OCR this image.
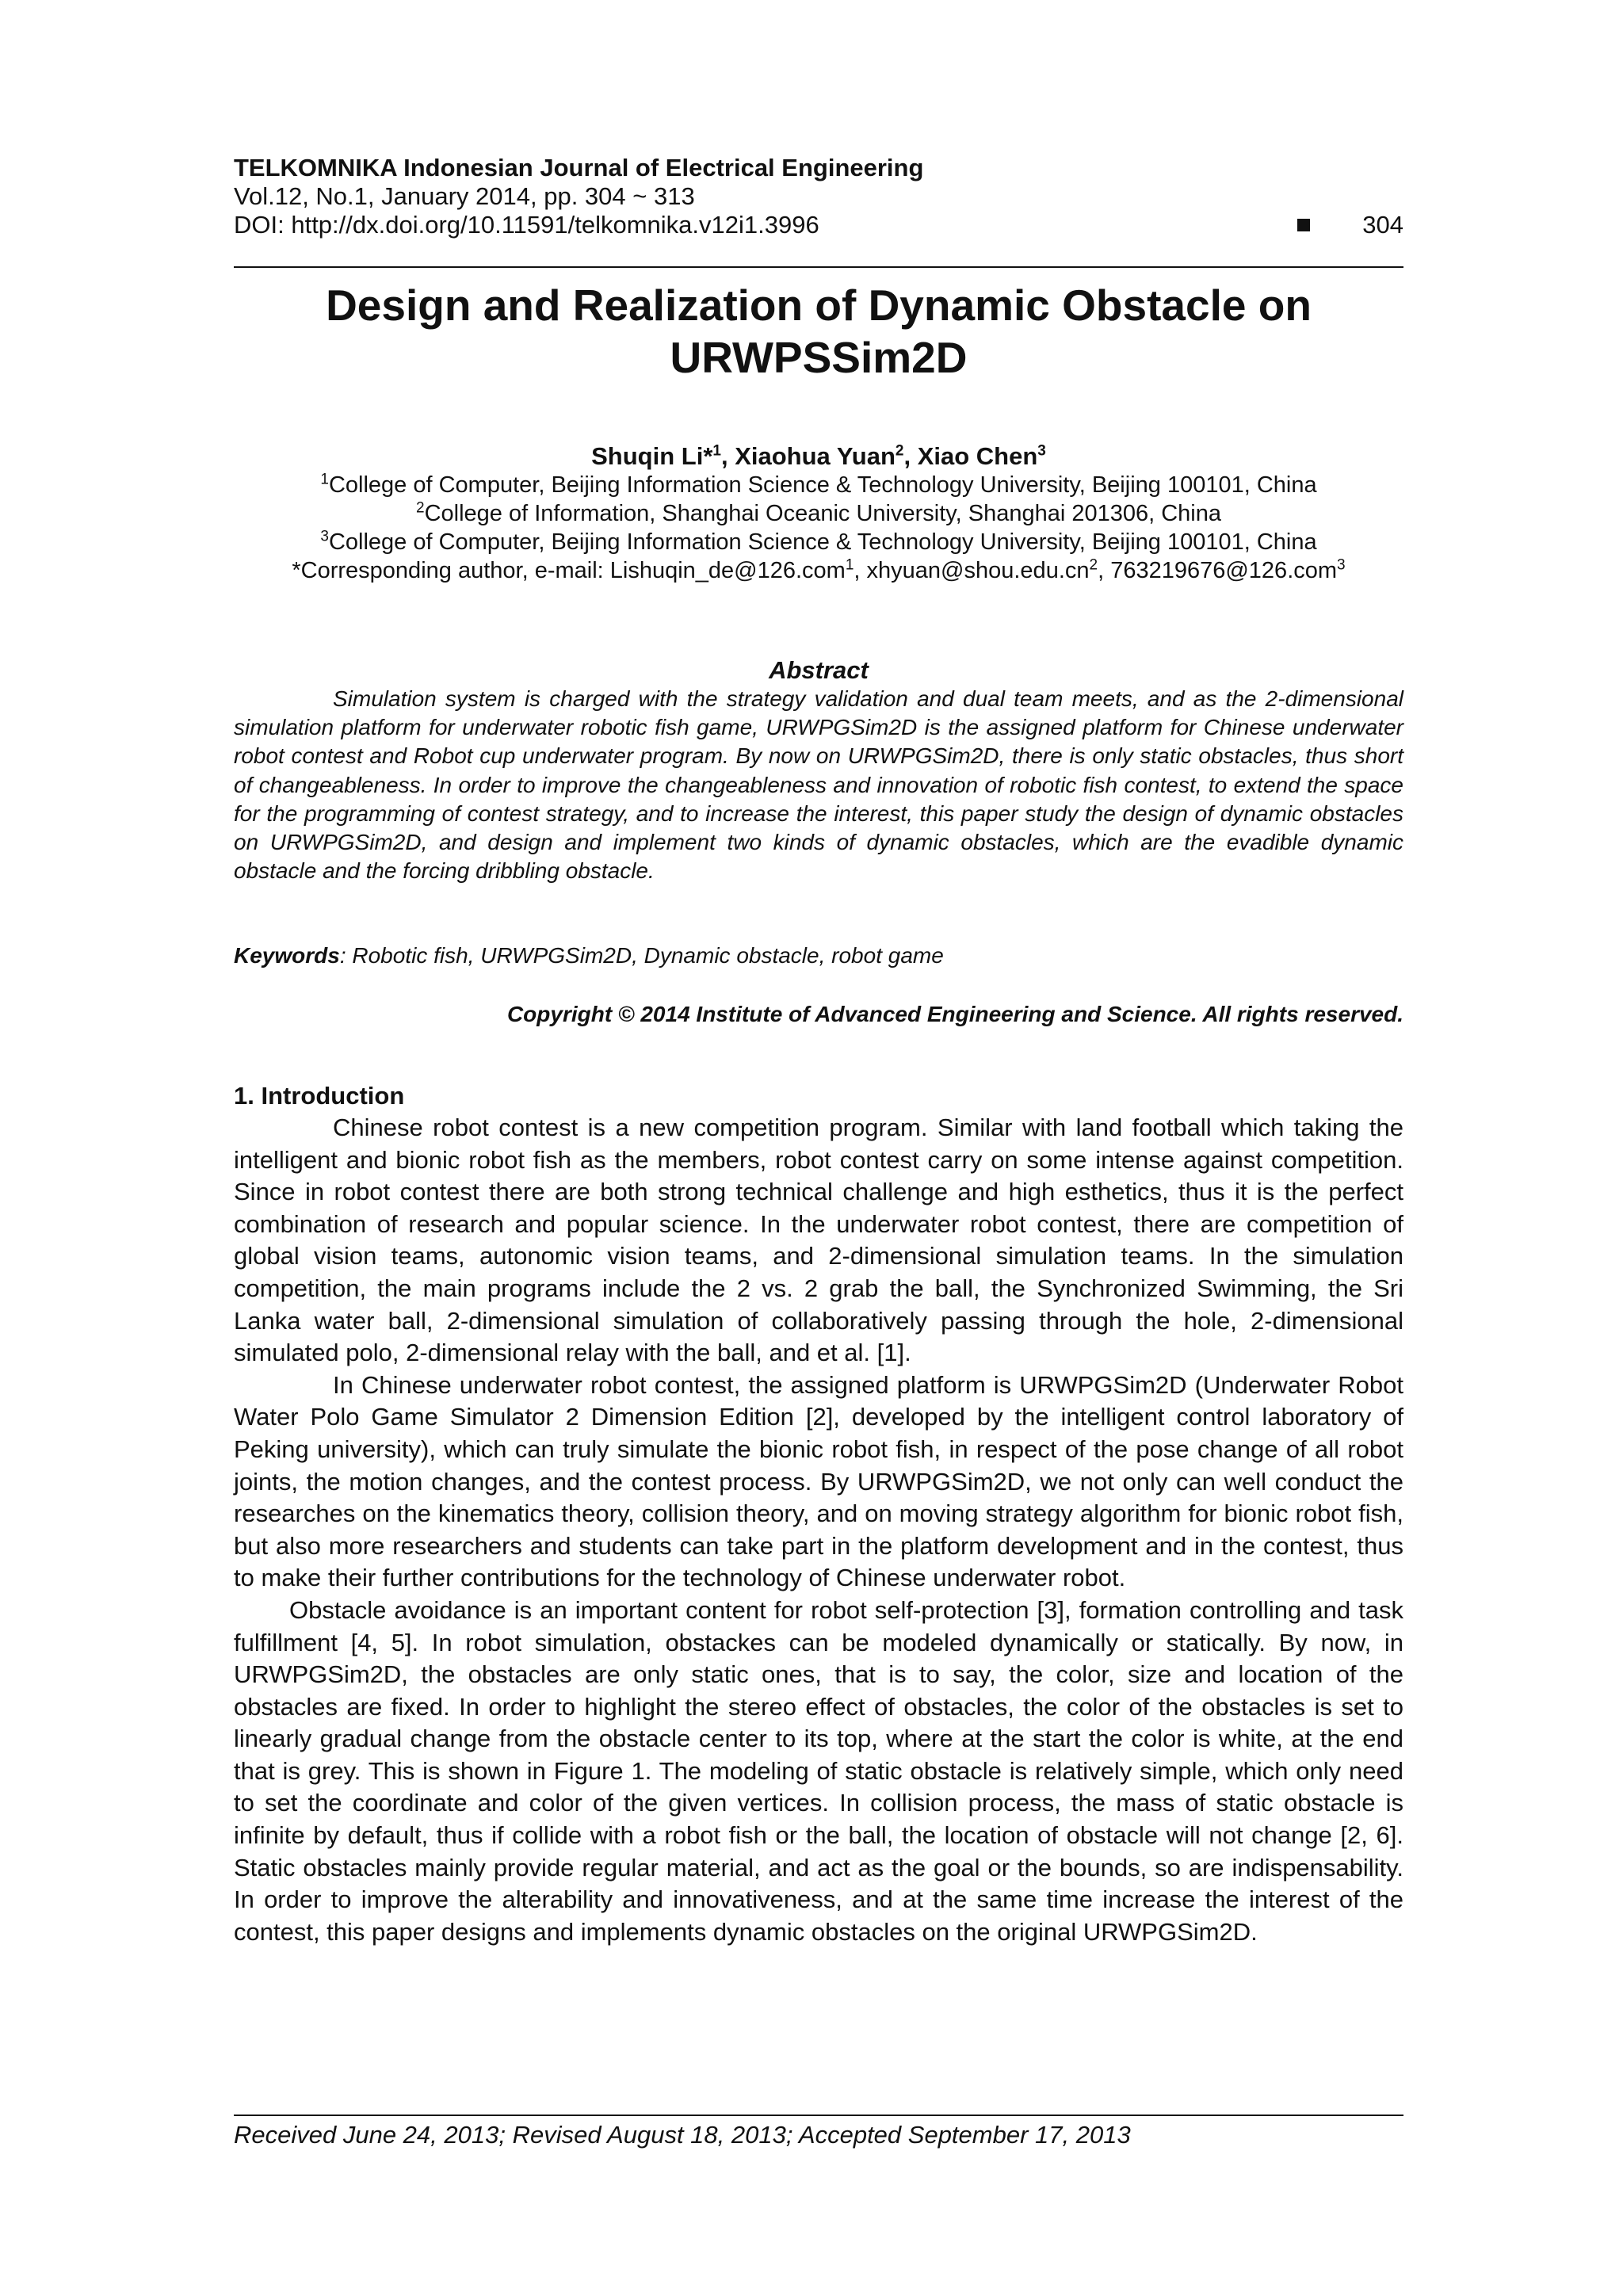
TELKOMNIKA Indonesian Journal of Electrical Engineering
Vol.12, No.1, January 2014, pp. 304 ~ 313
DOI: http://dx.doi.org/10.11591/telkomnika.v12i1.3996	304
Design and Realization of Dynamic Obstacle on
URWPSSim2D
Shuqin Li*$^1$, Xiaohua Yuan$^2$, Xiao Chen$^3$
$^1$College of Computer, Beijing Information Science & Technology University, Beijing 100101, China
$^2$College of Information, Shanghai Oceanic University, Shanghai 201306, China
$^3$College of Computer, Beijing Information Science & Technology University, Beijing 100101, China
*Corresponding author, e-mail: Lishuqin_de@126.com$^1$, $xhyuan@shou.edu.cn^2$, 763219676@126.com$^3$
Abstract

Simulation system is charged with the strategy validation and dual team meets, and as the 2-dimensional simulation platform for underwater robotic fish game, URWPGSim2D is the assigned platform for Chinese underwater robot contest and Robot cup underwater program. By now on URWPGSim2D, there is only static obstacles, thus short of changeableness. In order to improve the changeableness and innovation of robotic fish contest, to extend the space for the programming of contest strategy, and to increase the interest, this paper study the design of dynamic obstacles on URWPGSim2D, and design and implement two kinds of dynamic obstacles, which are the evadible dynamic obstacle and the forcing dribbling obstacle.

Keywords: Robotic fish, URWPGSim2D, Dynamic obstacle, robot game
Copyright © 2014 Institute of Advanced Engineering and Science. All rights reserved.
1. Introduction

Chinese robot contest is a new competition program. Similar with land football which taking the intelligent and bionic robot fish as the members, robot contest carry on some intense against competition. Since in robot contest there are both strong technical challenge and high esthetics, thus it is the perfect combination of research and popular science. In the underwater robot contest, there are competition of global vision teams, autonomic vision teams, and 2-dimensional simulation teams. In the simulation competition, the main programs include the 2 vs. 2 grab the ball, the Synchronized Swimming, the Sri Lanka water ball, 2-dimensional simulation of collaboratively passing through the hole, 2-dimensional simulated polo, 2-dimensional relay with the ball, and et al. [1].

In Chinese underwater robot contest, the assigned platform is URWPGSim2D (Underwater Robot Water Polo Game Simulator 2 Dimension Edition [2], developed by the intelligent control laboratory of Peking university), which can truly simulate the bionic robot fish, in respect of the pose change of all robot joints, the motion changes, and the contest process. By URWPGSim2D, we not only can well conduct the researches on the kinematics theory, collision theory, and on moving strategy algorithm for bionic robot fish, but also more researchers and students can take part in the platform development and in the contest, thus to make their further contributions for the technology of Chinese underwater robot.

Obstacle avoidance is an important content for robot self-protection [3], formation controlling and task fulfillment [4, 5]. In robot simulation, obstackes can be modeled dynamically or statically. By now, in URWPGSim2D, the obstacles are only static ones, that is to say, the color, size and location of the obstacles are fixed. In order to highlight the stereo effect of obstacles, the color of the obstacles is set to linearly gradual change from the obstacle center to its top, where at the start the color is white, at the end that is grey. This is shown in Figure 1. The modeling of static obstacle is relatively simple, which only need to set the coordinate and color of the given vertices. In collision process, the mass of static obstacle is infinite by default, thus if collide with a robot fish or the ball, the location of obstacle will not change [2, 6]. Static obstacles mainly provide regular material, and act as the goal or the bounds, so are indispensability. In order to improve the alterability and innovativeness, and at the same time increase the interest of the contest, this paper designs and implements dynamic obstacles on the original URWPGSim2D.

Received June 24, 2013; Revised August 18, 2013; Accepted September 17, 2013
